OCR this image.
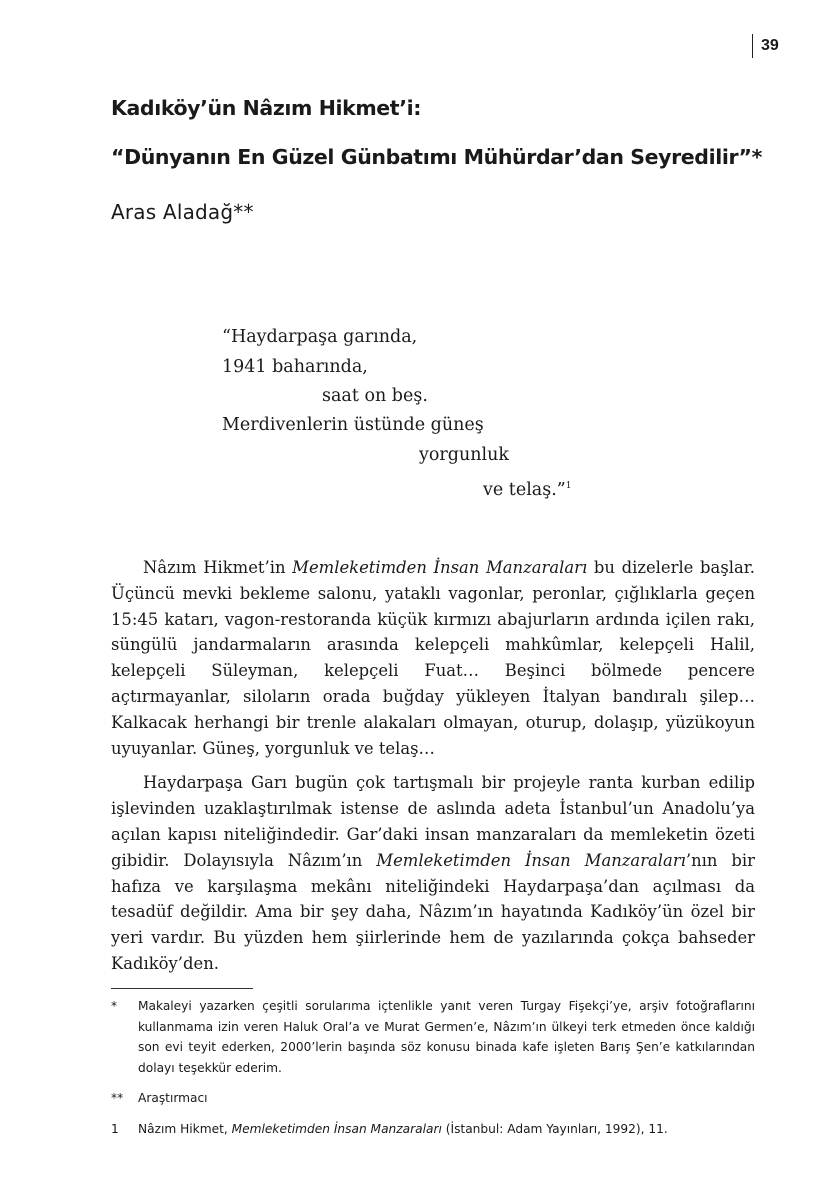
39
Kadıköy’ün Nâzım Hikmet’i:
“Dünyanın En Güzel Günbatımı Mühürdar’dan Seyredilir”*

Aras Aladağ**

“Haydarpaşa garında,
1941 baharında,
saat on beş.
Merdivenlerin üstünde güneş
yorgunluk
ve telaş.”$^1$

Nâzım Hikmet’in Memleketimden İnsan Manzaraları bu dizelerle başlar. Üçüncü mevki bekleme salonu, yataklı vagonlar, peronlar, çığlıklarla geçen 15:45 katarı, vagon-restoranda küçük kırmızı abajurların ardında içilen rakı, süngülü jandarmaların arasında kelepçeli mahkûmlar, kelepçeli Halil, kelepçeli Süleyman, kelepçeli Fuat… Beşinci bölmede pencere açtırmayanlar, siloların orada buğday yükleyen İtalyan bandıralı şilep… Kalkacak herhangi bir trenle alakaları olmayan, oturup, dolaşıp, yüzükoyun uyuyanlar. Güneş, yorgunluk ve telaş…

Haydarpaşa Garı bugün çok tartışmalı bir projeyle ranta kurban edilip işlevinden uzaklaştırılmak istense de aslında adeta İstanbul’un Anadolu’ya açılan kapısı niteliğindedir. Gar’daki insan manzaraları da memleketin özeti gibidir. Dolayısıyla Nâzım’ın Memleketimden İnsan Manzaraları’nın bir hafıza ve karşılaşma mekânı niteliğindeki Haydarpaşa’dan açılması da tesadüf değildir. Ama bir şey daha, Nâzım’ın hayatında Kadıköy’ün özel bir yeri vardır. Bu yüzden hem şiirlerinde hem de yazılarında çokça bahseder Kadıköy’den.

*	Makaleyi yazarken çeşitli sorularıma içtenlikle yanıt veren Turgay Fişekçi’ye, arşiv fotoğraflarını kullanmama izin veren Haluk Oral’a ve Murat Germen’e, Nâzım’ın ülkeyi terk etmeden önce kaldığı son evi teyit ederken, 2000’lerin başında söz konusu binada kafe işleten Barış Şen’e katkılarından dolayı teşekkür ederim.
**	Araştırmacı
1	Nâzım Hikmet, Memleketimden İnsan Manzaraları (İstanbul: Adam Yayınları, 1992), 11.
